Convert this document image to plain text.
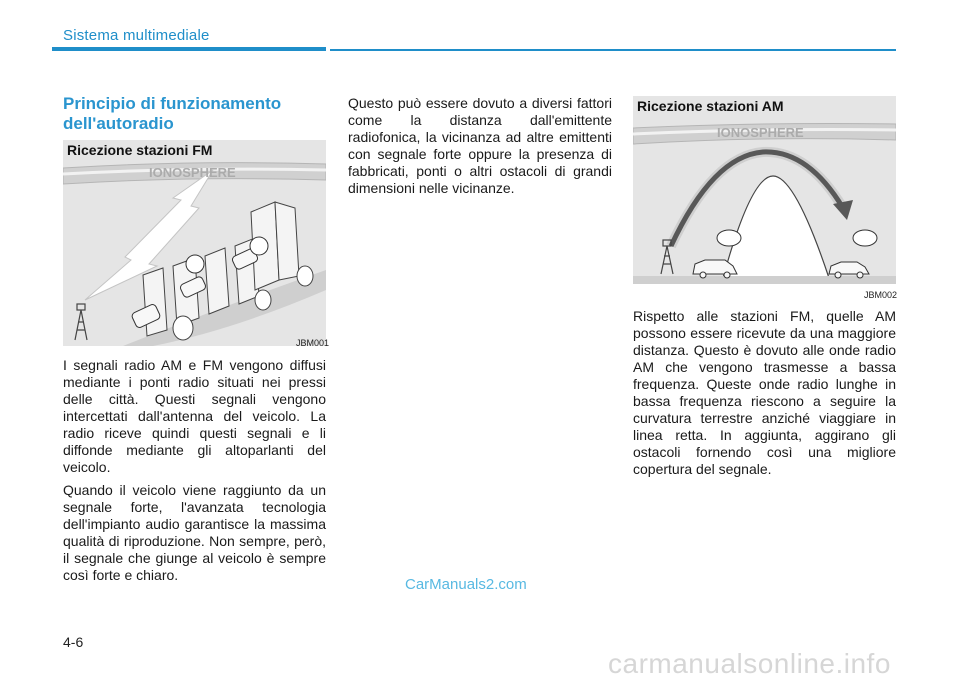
Sistema multimediale
Principio di funzionamento dell'autoradio
Ricezione stazioni FM
IONOSPHERE
JBM001

I segnali radio AM e FM vengono diffusi mediante i ponti radio situati nei pressi delle città. Questi segnali vengono intercettati dall'antenna del veicolo. La radio riceve quindi questi segnali e li diffonde mediante gli altoparlanti del veicolo.

Quando il veicolo viene raggiunto da un segnale forte, l'avanzata tecnologia dell'impianto audio garantisce la massima qualità di riproduzione. Non sempre, però, il segnale che giunge al veicolo è sempre così forte e chiaro.

Questo può essere dovuto a diversi fattori come la distanza dall'emittente radiofonica, la vicinanza ad altre emittenti con segnale forte oppure la presenza di fabbricati, ponti o altri ostacoli di grandi dimensioni nelle vicinanze.

Ricezione stazioni AM
IONOSPHERE
JBM002

Rispetto alle stazioni FM, quelle AM possono essere ricevute da una maggiore distanza. Questo è dovuto alle onde radio AM che vengono trasmesse a bassa frequenza. Queste onde radio lunghe in bassa frequenza riescono a seguire la curvatura terrestre anziché viaggiare in linea retta. In aggiunta, aggirano gli ostacoli fornendo così una migliore copertura del segnale.

CarManuals2.com
4-6
carmanualsonline.info
